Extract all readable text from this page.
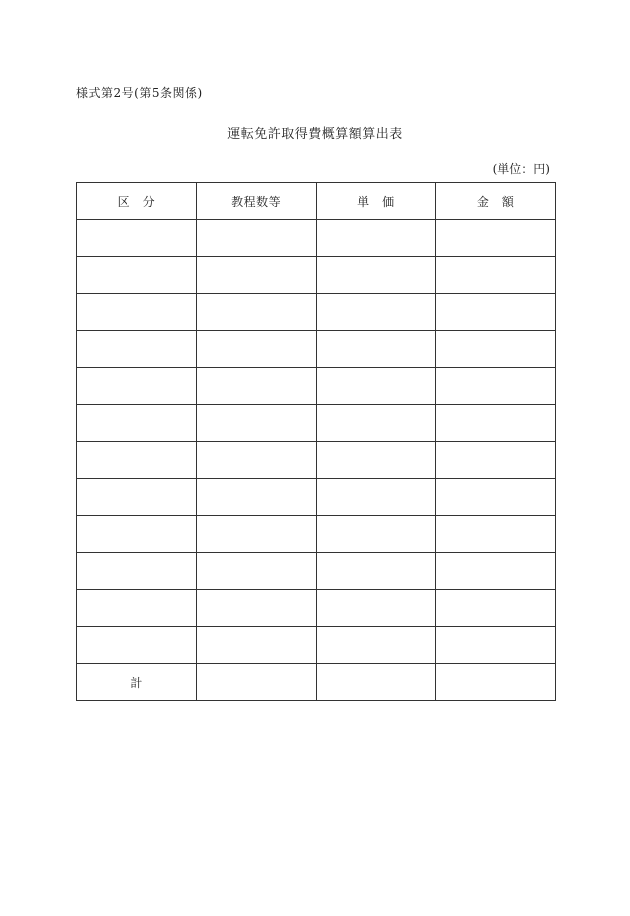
様式第2号(第5条関係)
運転免許取得費概算額算出表
(単位：円)
区　分	教程数等	単　価	金　額

計			
